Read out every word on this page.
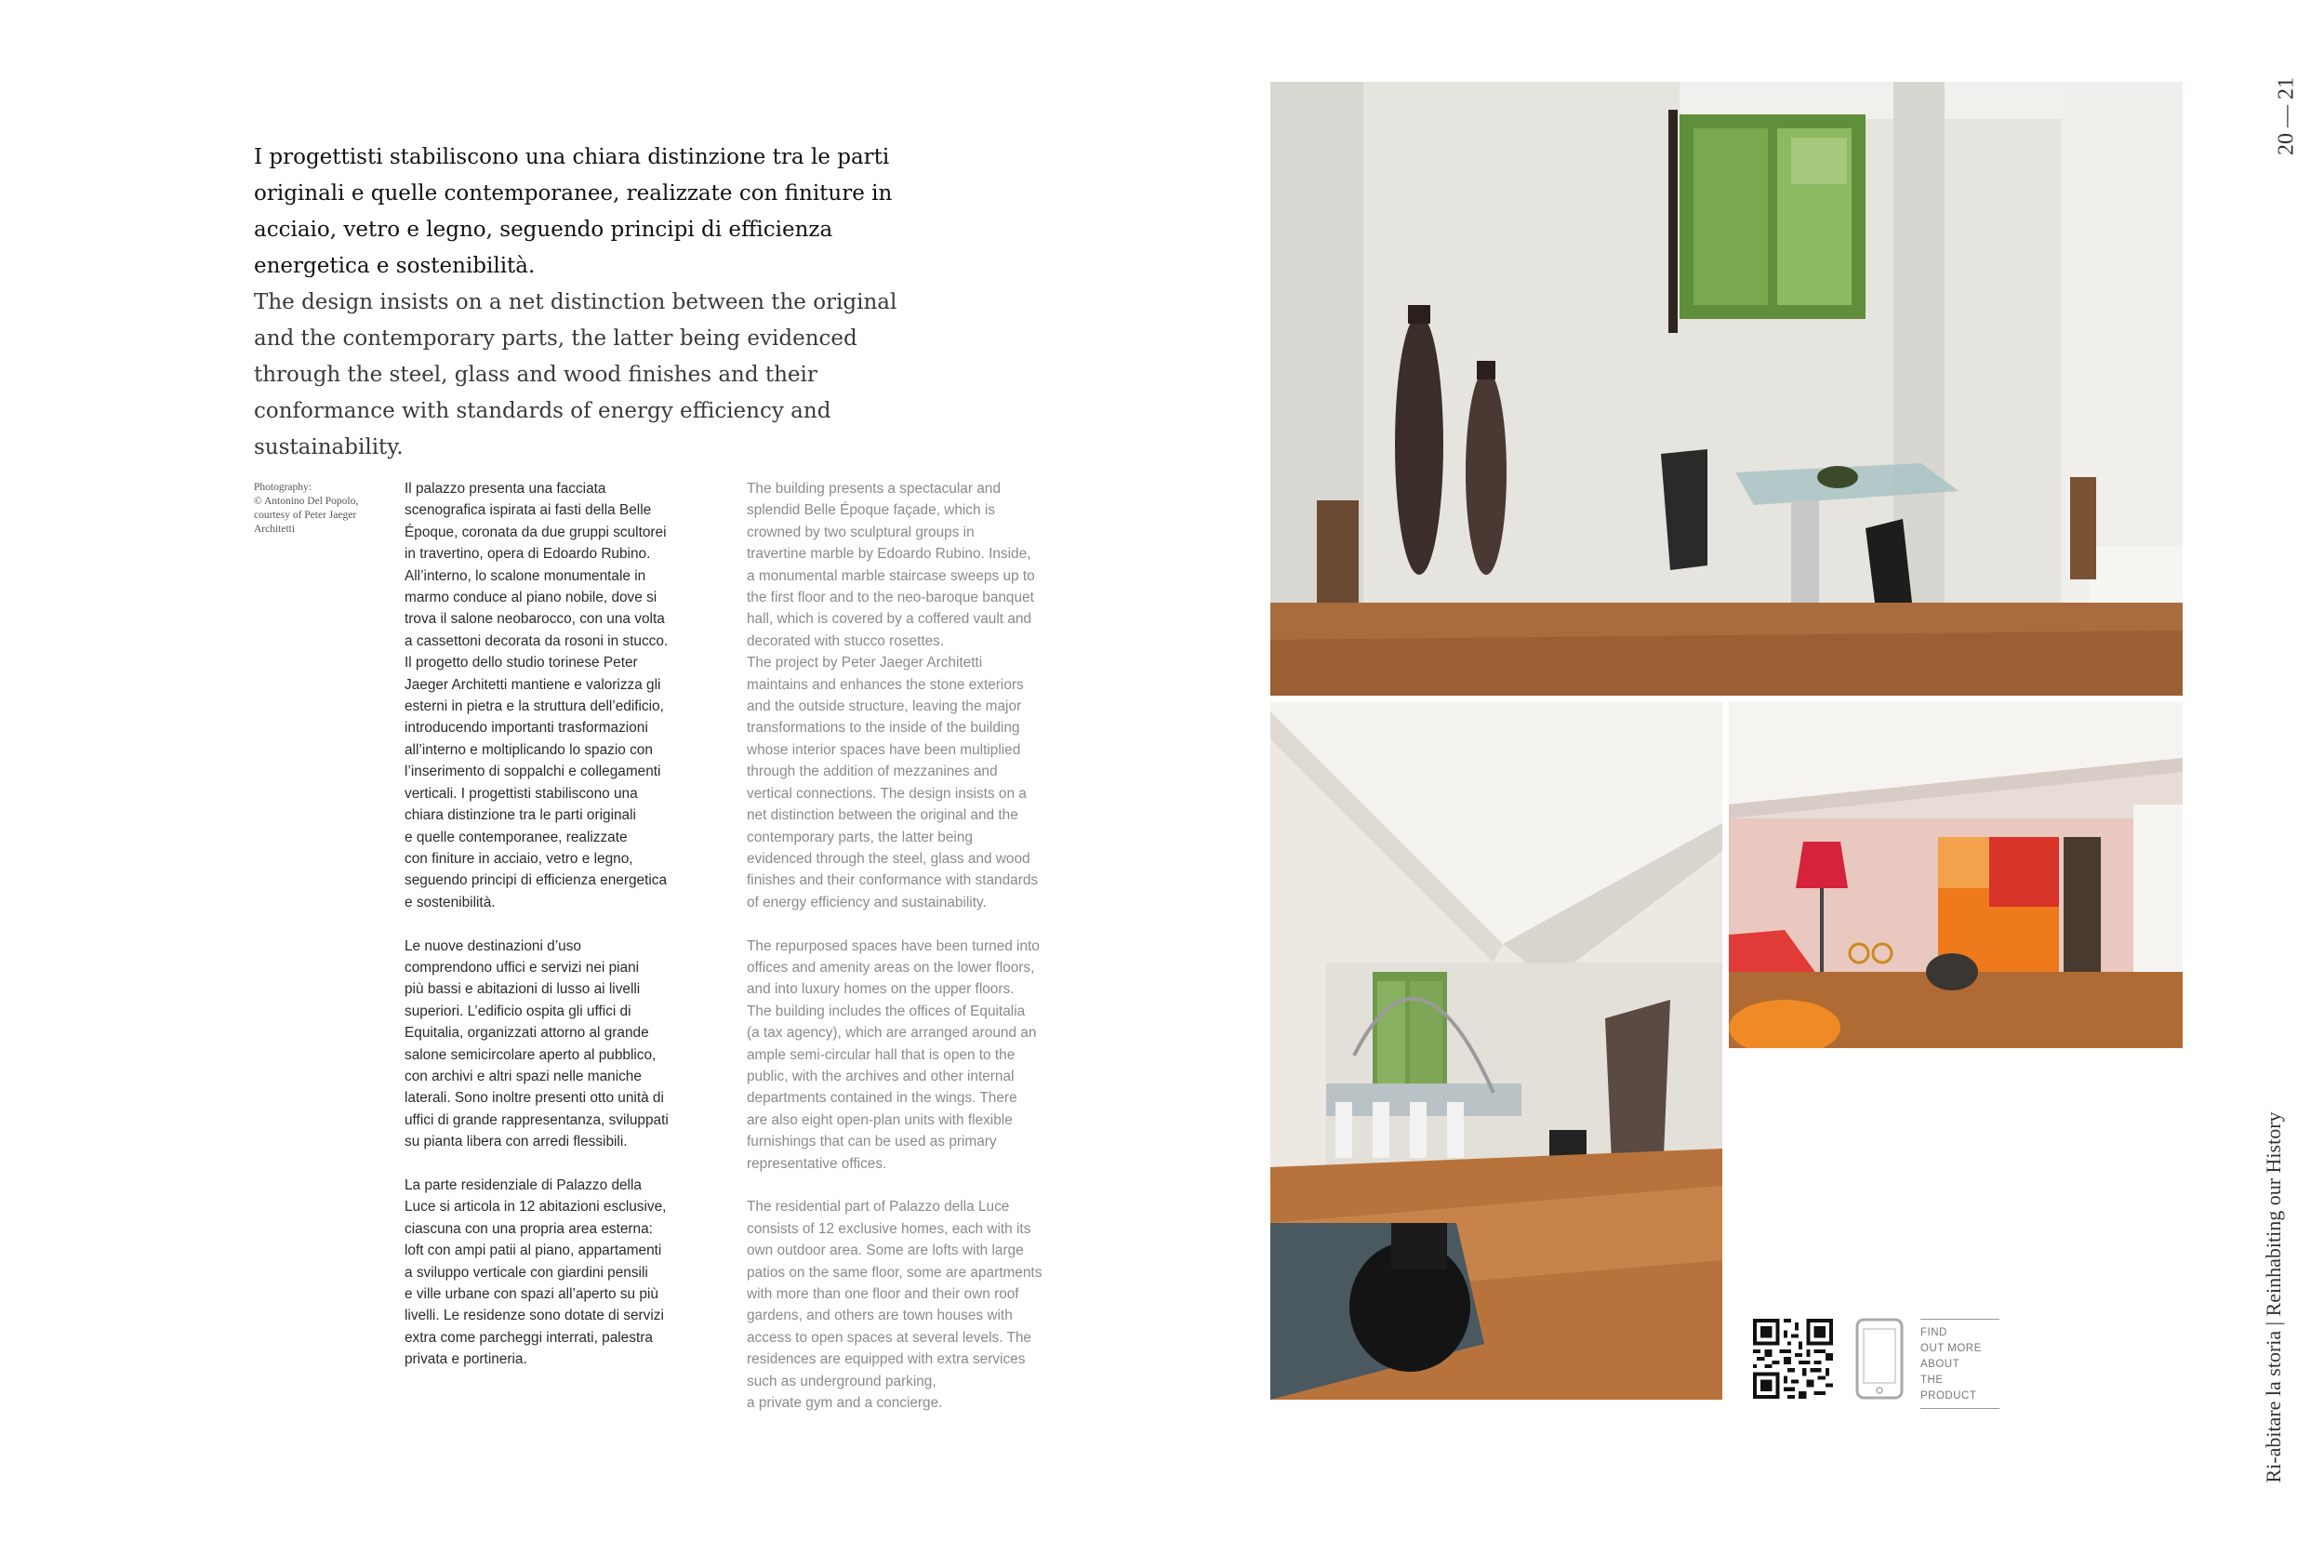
I progettisti stabiliscono una chiara distinzione tra le parti originali e quelle contemporanee, realizzate con finiture in acciaio, vetro e legno, seguendo principi di efficienza energetica e sostenibilità.

The design insists on a net distinction between the original and the contemporary parts, the latter being evidenced through the steel, glass and wood finishes and their conformance with standards of energy efficiency and sustainability.

Photography:
© Antonino Del Popolo,
courtesy of Peter Jaeger
Architetti

Il palazzo presenta una facciata
scenografica ispirata ai fasti della Belle
Époque, coronata da due gruppi scultorei
in travertino, opera di Edoardo Rubino.
All’interno, lo scalone monumentale in
marmo conduce al piano nobile, dove si
trova il salone neobarocco, con una volta
a cassettoni decorata da rosoni in stucco.
Il progetto dello studio torinese Peter
Jaeger Architetti mantiene e valorizza gli
esterni in pietra e la struttura dell’edificio,
introducendo importanti trasformazioni
all’interno e moltiplicando lo spazio con
l’inserimento di soppalchi e collegamenti
verticali. I progettisti stabiliscono una
chiara distinzione tra le parti originali
e quelle contemporanee, realizzate
con finiture in acciaio, vetro e legno,
seguendo principi di efficienza energetica
e sostenibilità.

Le nuove destinazioni d’uso
comprendono uffici e servizi nei piani
più bassi e abitazioni di lusso ai livelli
superiori. L’edificio ospita gli uffici di
Equitalia, organizzati attorno al grande
salone semicircolare aperto al pubblico,
con archivi e altri spazi nelle maniche
laterali. Sono inoltre presenti otto unità di
uffici di grande rappresentanza, sviluppati
su pianta libera con arredi flessibili.

La parte residenziale di Palazzo della
Luce si articola in 12 abitazioni esclusive,
ciascuna con una propria area esterna:
loft con ampi patii al piano, appartamenti
a sviluppo verticale con giardini pensili
e ville urbane con spazi all’aperto su più
livelli. Le residenze sono dotate di servizi
extra come parcheggi interrati, palestra
privata e portineria.

The building presents a spectacular and
splendid Belle Époque façade, which is
crowned by two sculptural groups in
travertine marble by Edoardo Rubino. Inside,
a monumental marble staircase sweeps up to
the first floor and to the neo-baroque banquet
hall, which is covered by a coffered vault and
decorated with stucco rosettes.
The project by Peter Jaeger Architetti
maintains and enhances the stone exteriors
and the outside structure, leaving the major
transformations to the inside of the building
whose interior spaces have been multiplied
through the addition of mezzanines and
vertical connections. The design insists on a
net distinction between the original and the
contemporary parts, the latter being
evidenced through the steel, glass and wood
finishes and their conformance with standards
of energy efficiency and sustainability.

The repurposed spaces have been turned into
offices and amenity areas on the lower floors,
and into luxury homes on the upper floors.
The building includes the offices of Equitalia
(a tax agency), which are arranged around an
ample semi-circular hall that is open to the
public, with the archives and other internal
departments contained in the wings. There
are also eight open-plan units with flexible
furnishings that can be used as primary
representative offices.

The residential part of Palazzo della Luce
consists of 12 exclusive homes, each with its
own outdoor area. Some are lofts with large
patios on the same floor, some are apartments
with more than one floor and their own roof
gardens, and others are town houses with
access to open spaces at several levels. The
residences are equipped with extra services
such as underground parking,
a private gym and a concierge.

20 — 21
Ri-abitare la storia | Reinhabiting our History
FIND
OUT MORE
ABOUT
THE PRODUCT
